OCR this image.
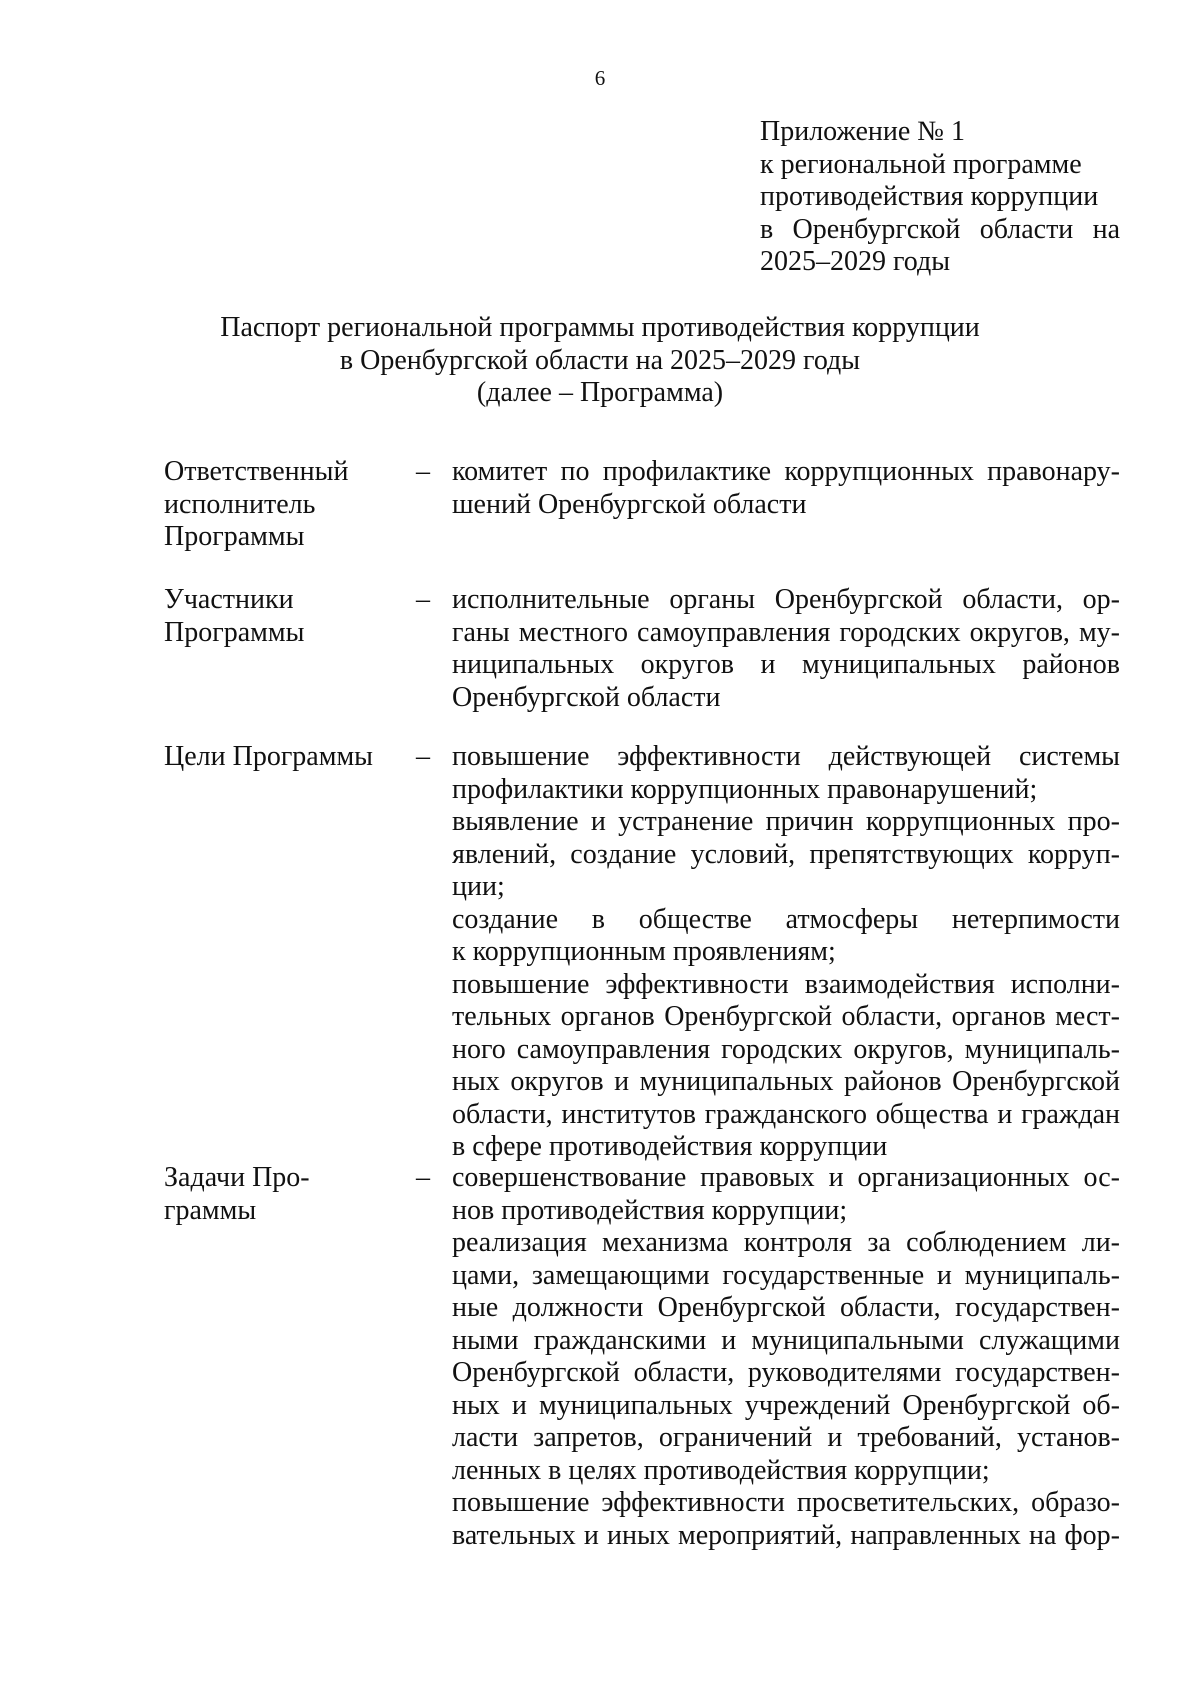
6
Приложение № 1
к региональной программе
противодействия коррупции
в Оренбургской области на
2025–2029 годы
Паспорт региональной программы противодействия коррупции
в Оренбургской области на 2025–2029 годы
(далее – Программа)
Ответственный
исполнитель
Программы
– комитет по профилактике коррупционных правонару-
шений Оренбургской области
Участники
Программы
– исполнительные органы Оренбургской области, ор-
ганы местного самоуправления городских округов, му-
ниципальных округов и муниципальных районов
Оренбургской области
Цели Программы	– повышение эффективности действующей системы
профилактики коррупционных правонарушений;
выявление и устранение причин коррупционных про-
явлений, создание условий, препятствующих корруп-
ции;
создание в обществе атмосферы нетерпимости
к коррупционным проявлениям;
повышение эффективности взаимодействия исполни-
тельных органов Оренбургской области, органов мест-
ного самоуправления городских округов, муниципаль-
ных округов и муниципальных районов Оренбургской
области, институтов гражданского общества и граждан
в сфере противодействия коррупции
Задачи Про-
граммы
– совершенствование правовых и организационных ос-
нов противодействия коррупции;
реализация механизма контроля за соблюдением ли-
цами, замещающими государственные и муниципаль-
ные должности Оренбургской области, государствен-
ными гражданскими и муниципальными служащими
Оренбургской области, руководителями государствен-
ных и муниципальных учреждений Оренбургской об-
ласти запретов, ограничений и требований, установ-
ленных в целях противодействия коррупции;
повышение эффективности просветительских, образо-
вательных и иных мероприятий, направленных на фор-
